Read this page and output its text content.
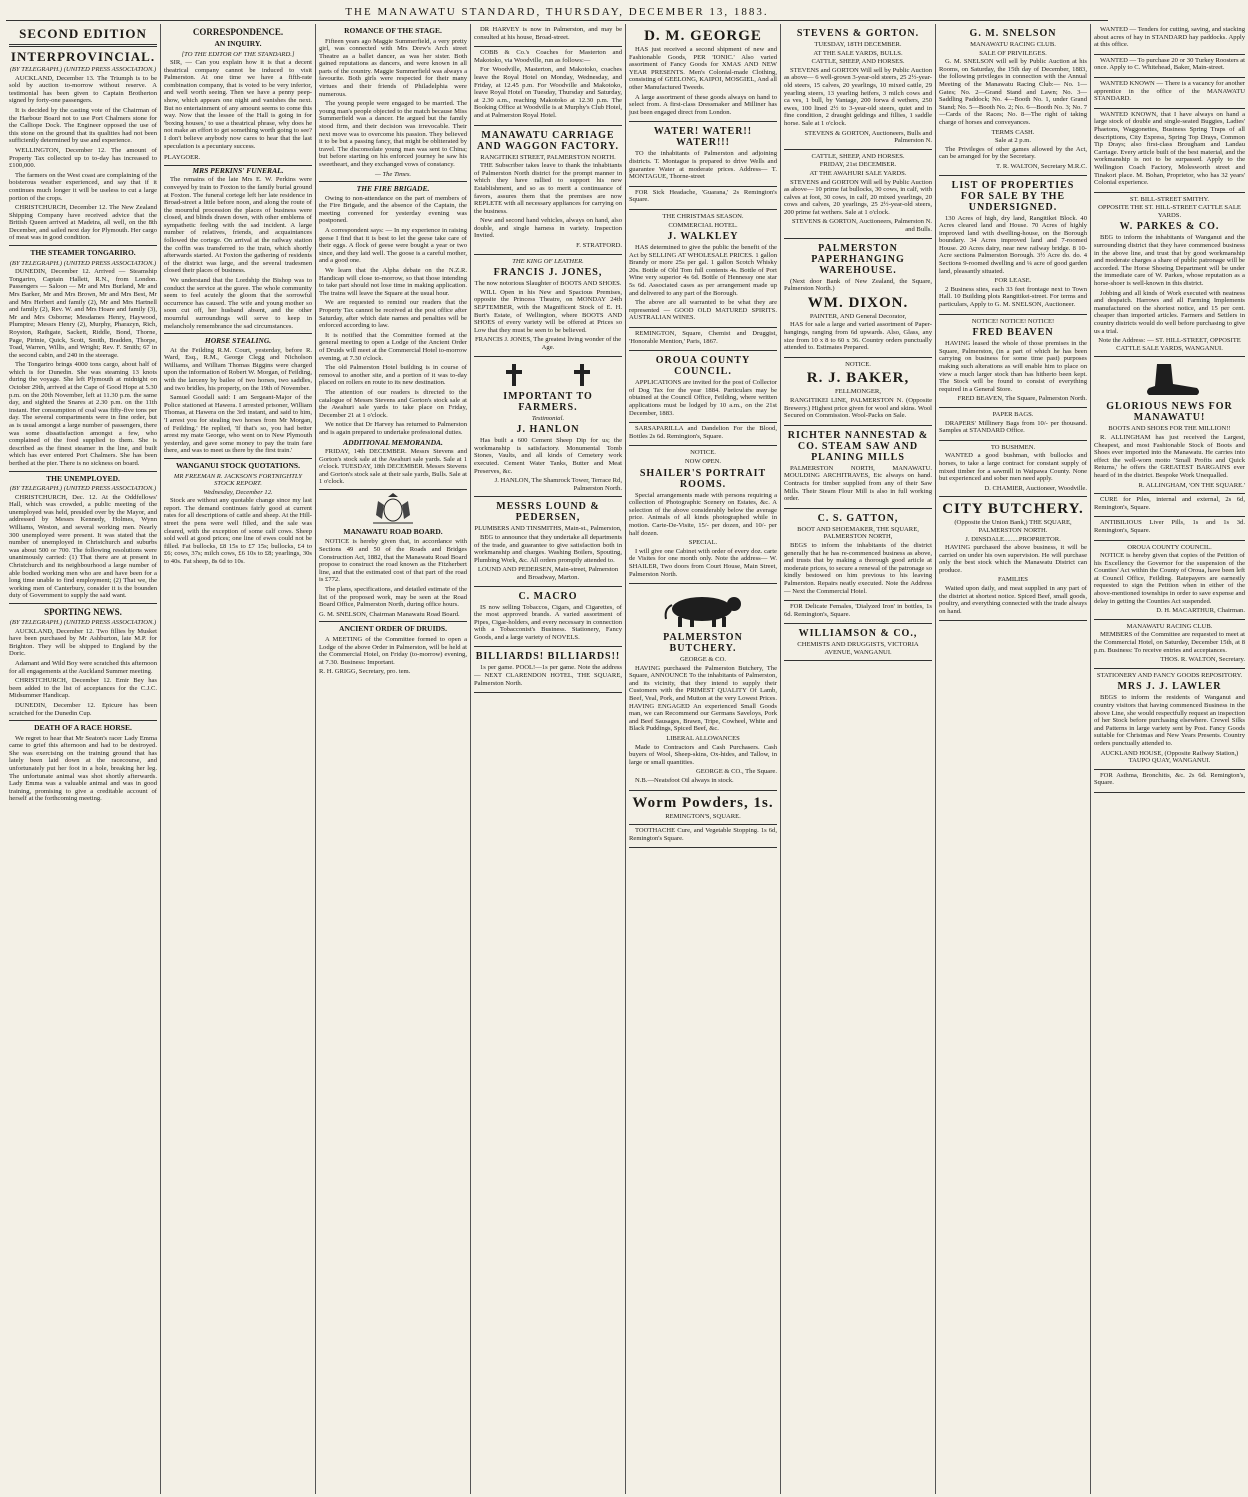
THE MANAWATU STANDARD, THURSDAY, DECEMBER 13, 1883.
SECOND EDITION
INTERPROVINCIAL.
(BY TELEGRAPH.) (UNITED PRESS ASSOCIATION.)

AUCKLAND, December 13. The Triumph is to be sold by auction to-morrow without reserve. A testimonial has been given to Captain Brotherton signed by forty-one passengers.

It is decided by the casting vote of the Chairman of the Harbour Board not to use Port Chalmers stone for the Calliope Dock. The Engineer opposed the use of this stone on the ground that its qualities had not been sufficiently determined by use and experience.

WELLINGTON, December 12. The amount of Property Tax collected up to to-day has increased to £100,000.

The farmers on the West coast are complaining of the boisterous weather experienced, and say that if it continues much longer it will be useless to cut a large portion of the crops.

CHRISTCHURCH, December 12. The New Zealand Shipping Company have received advice that the British Queen arrived at Madeira, all well, on the 8th December, and sailed next day for Plymouth. Her cargo of meat was in good condition.

THE STEAMER TONGARIRO.
(BY TELEGRAPH.) (UNITED PRESS ASSOCIATION.)

DUNEDIN, December 12. Arrived — Steamship Tongariro, Captain Hallett, R.N., from London. Passengers — Saloon — Mr and Mrs Burland, Mr and Mrs Barker, Mr and Mrs Brown, Mr and Mrs Best, Mr and Mrs Herbert and family (2), Mr and Mrs Hartnell and family (2), Rev. W. and Mrs Hoare and family (3), Mr and Mrs Osborne; Mesdames Henry, Haywood, Plumptre; Messrs Henry (2), Murphy, Pharazyn, Rich, Royston, Rathgate, Sackett, Riddle, Bond, Thorne, Page, Pirinie, Quick, Scott, Smith, Bradden, Thorpe, Toad, Warren, Willis, and Wright; Rev. F. Smith; 67 in the second cabin, and 240 in the steerage.

The Tongariro brings 4000 tons cargo, about half of which is for Dunedin. She was steaming 13 knots during the voyage. She left Plymouth at midnight on October 29th, arrived at the Cape of Good Hope at 5.30 p.m. on the 20th November, left at 11.30 p.m. the same day, and sighted the Snares at 2.30 p.m. on the 11th instant. Her consumption of coal was fifty-five tons per day. The several compartments were in fine order, but as is usual amongst a large number of passengers, there was some dissatisfaction amongst a few, who complained of the food supplied to them. She is described as the finest steamer in the line, and built which has ever entered Port Chalmers. She has been berthed at the pier. There is no sickness on board.

THE UNEMPLOYED.
(BY TELEGRAPH.) (UNITED PRESS ASSOCIATION.)

CHRISTCHURCH, Dec. 12. At the Oddfellows' Hall, which was crowded, a public meeting of the unemployed was held, presided over by the Mayor, and addressed by Messrs Kennedy, Holmes, Wynn Williams, Weston, and several working men. Nearly 300 unemployed were present. It was stated that the number of unemployed in Christchurch and suburbs was about 500 or 700. The following resolutions were unanimously carried: (1) That there are at present in Christchurch and its neighbourhood a large number of able bodied working men who are and have been for a long time unable to find employment; (2) That we, the working men of Canterbury, consider it is the bounden duty of Government to supply the said want.

SPORTING NEWS.
(BY TELEGRAPH.) (UNITED PRESS ASSOCIATION.)

AUCKLAND, December 12. Two fillies by Musket have been purchased by Mr Ashburton, late M.P. for Brighton. They will be shipped to England by the Doric.

Adamant and Wild Boy were scratched this afternoon for all engagements at the Auckland Summer meeting.

CHRISTCHURCH, December 12. Emir Bey has been added to the list of acceptances for the C.J.C. Midsummer Handicap.

DUNEDIN, December 12. Epicure has been scratched for the Dunedin Cup.

DEATH OF A RACE HORSE.

We regret to hear that Mr Seaton's racer Lady Emma came to grief this afternoon and had to be destroyed. She was exercising on the training ground that has lately been laid down at the racecourse, and unfortunately put her foot in a hole, breaking her leg. The unfortunate animal was shot shortly afterwards. Lady Emma was a valuable animal and was in good training, promising to give a creditable account of herself at the forthcoming meeting.

CORRESPONDENCE.
AN INQUIRY.
[TO THE EDITOR OF THE STANDARD.]

SIR, — Can you explain how it is that a decent theatrical company cannot be induced to visit Palmerston. At one time we have a fifth-rate combination company, that is voted to be very inferior, and well worth seeing. Then we have a penny peep-show, which appears one night and vanishes the next. But no entertainment of any amount seems to come this way. Now that the lessee of the Hall is going in for 'boxing houses,' to use a theatrical phrase, why does he not make an effort to get something worth going to see? I don't believe anybody now cares to hear that the last speculation is a pecuniary success.

PLAYGOER.
MRS PERKINS' FUNERAL.

The remains of the late Mrs E. W. Perkins were conveyed by train to Foxton to the family burial ground at Foxton. The funeral cortege left her late residence in Broad-street a little before noon, and along the route of the mournful procession the places of business were closed, and blinds drawn down, with other emblems of sympathetic feeling with the sad incident. A large number of relatives, friends, and acquaintances followed the cortege. On arrival at the railway station the coffin was transferred to the train, which shortly afterwards started. At Foxton the gathering of residents of the district was large, and the several tradesmen closed their places of business.

We understand that the Lordship the Bishop was to conduct the service at the grave. The whole community seem to feel acutely the gloom that the sorrowful occurrence has caused. The wife and young mother so soon cut off, her husband absent, and the other mournful surroundings will serve to keep in melancholy remembrance the sad circumstances.

HORSE STEALING.

At the Feilding R.M. Court, yesterday, before R. Ward, Esq., R.M., George Clegg and Nicholson Williams, and William Thomas Biggins were charged upon the information of Robert W. Morgan, of Feilding, with the larceny by bailee of two horses, two saddles, and two bridles, his property, on the 19th of November.

Samuel Goodall said: I am Sergeant-Major of the Police stationed at Hawera. I arrested prisoner, William Thomas, at Hawera on the 3rd instant, and said to him, 'I arrest you for stealing two horses from Mr Morgan, of Feilding.' He replied, 'If that's so, you had better arrest my mate George, who went on to New Plymouth yesterday, and gave some money to pay the train fare there, and was to meet us there by the first train.'

WANGANUI STOCK QUOTATIONS.
MR FREEMAN R. JACKSON'S FORTNIGHTLY STOCK REPORT.
Wednesday, December 12.

Stock are without any quotable change since my last report. The demand continues fairly good at current rates for all descriptions of cattle and sheep. At the Hill-street the pens were well filled, and the sale was cleared, with the exception of some calf cows. Sheep sold well at good prices; one line of ewes could not be filled. Fat bullocks, £8 15s to £7 15s; bullocks, £4 to £6; cows, 37s; milch cows, £6 10s to £8; yearlings, 30s to 40s. Fat sheep, 8s 6d to 10s.

ROMANCE OF THE STAGE.

Fifteen years ago Maggie Summerfield, a very pretty girl, was connected with Mrs Drew's Arch street Theatre as a ballet dancer, as was her sister. Both gained reputations as dancers, and were known in all parts of the country. Maggie Summerfield was always a favourite. Both girls were respected for their many virtues and their friends of Philadelphia were numerous.

The young people were engaged to be married. The young man's people objected to the match because Miss Summerfield was a dancer. He argued but the family stood firm, and their decision was irrevocable. Their next move was to overcome his passion. They believed it to be but a passing fancy, that might be obliterated by travel. The disconsolate young man was sent to China; but before starting on his enforced journey he saw his sweetheart, and they exchanged vows of constancy.

— The Times.
THE FIRE BRIGADE.

Owing to non-attendance on the part of members of the Fire Brigade, and the absence of the Captain, the meeting convened for yesterday evening was postponed.

A correspondent says: — In my experience in raising geese I find that it is best to let the geese take care of their eggs. A flock of geese were bought a year or two since, and they laid well. The goose is a careful mother, and a good one.

We learn that the Alpha debate on the N.Z.R. Handicap will close to-morrow, so that those intending to take part should not lose time in making application. The trains will leave the Square at the usual hour.

We are requested to remind our readers that the Property Tax cannot be received at the post office after Saturday, after which date names and penalties will be enforced according to law.

It is notified that the Committee formed at the general meeting to open a Lodge of the Ancient Order of Druids will meet at the Commercial Hotel to-morrow evening, at 7.30 o'clock.

The old Palmerston Hotel building is in course of removal to another site, and a portion of it was to-day placed on rollers en route to its new destination.

The attention of our readers is directed to the catalogue of Messrs Stevens and Gorton's stock sale at the Awahuri sale yards to take place on Friday, December 21 at 1 o'clock.

We notice that Dr Harvey has returned to Palmerston and is again prepared to undertake professional duties.

ADDITIONAL MEMORANDA.

FRIDAY, 14th DECEMBER. Messrs Stevens and Gorton's stock sale at the Awahuri sale yards. Sale at 1 o'clock. TUESDAY, 18th DECEMBER. Messrs Stevens and Gorton's stock sale at their sale yards, Bulls. Sale at 1 o'clock.

MANAWATU ROAD BOARD.

NOTICE is hereby given that, in accordance with Sections 49 and 50 of the Roads and Bridges Construction Act, 1882, that the Manawatu Road Board propose to construct the road known as the Fitzherbert line, and that the estimated cost of that part of the road is £772.

The plans, specifications, and detailed estimate of the list of the proposed work, may be seen at the Road Board Office, Palmerston North, during office hours.

G. M. SNELSON, Chairman Manawatu Road Board.
ANCIENT ORDER OF DRUIDS.

A MEETING of the Committee formed to open a Lodge of the above Order in Palmerston, will be held at the Commercial Hotel, on Friday (to-morrow) evening, at 7.30. Business: Important.

R. H. GRIGG, Secretary, pro. tem.

DR HARVEY is now in Palmerston, and may be consulted at his house, Broad-street.

COBB & Co.'s Coaches for Masterton and Makotoko, via Woodville, run as follows:—

For Woodville, Masterton, and Makotoko, coaches leave the Royal Hotel on Monday, Wednesday, and Friday, at 12.45 p.m. For Woodville and Makotoko, leave Royal Hotel on Tuesday, Thursday and Saturday, at 2.30 a.m., reaching Makotoko at 12.30 p.m. The Booking Office at Woodville is at Murphy's Club Hotel, and at Palmerston Royal Hotel.

MANAWATU CARRIAGE AND WAGGON FACTORY.
RANGITIKEI STREET, PALMERSTON NORTH.

THE Subscriber takes leave to thank the inhabitants of Palmerston North district for the prompt manner in which they have rallied to support his new Establishment, and so as to merit a continuance of favors, assures them that the premises are now REPLETE with all necessary appliances for carrying on the business.

New and second hand vehicles, always on hand, also double, and single harness in variety. Inspection Invited.

F. STRATFORD.
THE KING OF LEATHER.
FRANCIS J. JONES,
The now notorious Slaughter of BOOTS AND SHOES.

WILL Open in his New and Spacious Premises, opposite the Princess Theatre, on MONDAY 24th SEPTEMBER, with the Magnificent Stock of E. H. Burt's Estate, of Wellington, where BOOTS AND SHOES of every variety will be offered at Prices so Low that they must be seen to be believed.

FRANCIS J. JONES, The greatest living wonder of the Age.
IMPORTANT TO FARMERS.
Testimonial.
J. HANLON

Has built a 600 Cement Sheep Dip for us; the workmanship is satisfactory. Monumental Tomb Stones, Vaults, and all kinds of Cemetery work executed. Cement Water Tanks, Butter and Meat Preserves, &c.

J. HANLON, The Shamrock Tower, Terrace Rd, Palmerston North.
MESSRS LOUND & PEDERSEN,
PLUMBERS AND TINSMITHS, Main-st., Palmerston,

BEG to announce that they undertake all departments of the trade, and guarantee to give satisfaction both in workmanship and charges. Washing Boilers, Spouting, Plumbing Work, &c. All orders promptly attended to.

LOUND AND PEDERSEN, Main-street, Palmerston and Broadway, Marton.
C. MACRO

IS now selling Tobaccos, Cigars, and Cigarettes, of the most approved brands. A varied assortment of Pipes, Cigar-holders, and every necessary in connection with a Tobacconist's Business. Stationery, Fancy Goods, and a large variety of NOVELS.

BILLIARDS! BILLIARDS!!

1s per game. POOL!—1s per game. Note the address— NEXT CLARENDON HOTEL, THE SQUARE, Palmerston North.

D. M. GEORGE

HAS just received a second shipment of new and Fashionable Goods, PER 'IONIC.' Also varied assortment of Fancy Goods for XMAS AND NEW YEAR PRESENTS. Men's Colonial-made Clothing, consisting of GEELONG, KAIPOI, MOSGIEL, And all other Manufactured Tweeds.

A large assortment of these goods always on hand to select from. A first-class Dressmaker and Milliner has just been engaged direct from London.

WATER! WATER!! WATER!!!

TO the inhabitants of Palmerston and adjoining districts. T. Montague is prepared to drive Wells and guarantee Water at moderate prices. Address— T. MONTAGUE, Thorne-street

FOR Sick Headache, 'Guarana,' 2s Remington's Square.

THE CHRISTMAS SEASON.
COMMERCIAL HOTEL.
J. WALKLEY

HAS determined to give the public the benefit of the Act by SELLING AT WHOLESALE PRICES. 1 gallon Brandy or more 25s per gal. 1 gallon Scotch Whisky 20s. Bottle of Old Tom full contents 4s. Bottle of Port Wine very superior 4s 6d. Bottle of Hennessy one star 5s 6d. Associated cases as per arrangement made up and delivered to any part of the Borough.

The above are all warranted to be what they are represented — GOOD OLD MATURED SPIRITS. AUSTRALIAN WINES.

REMINGTON, Square, Chemist and Druggist, 'Honorable Mention,' Paris, 1867.

OROUA COUNTY COUNCIL.

APPLICATIONS are invited for the post of Collector of Dog Tax for the year 1884. Particulars may be obtained at the Council Office, Feilding, where written applications must be lodged by 10 a.m., on the 21st December, 1883.

SARSAPARILLA and Dandelion For the Blood, Bottles 2s 6d. Remington's, Square.

NOTICE.
NOW OPEN.
SHAILER'S PORTRAIT ROOMS.

Special arrangements made with persons requiring a collection of Photographic Scenery on Estates, &c. A selection of the above considerably below the average price. Animals of all kinds photographed while in motion. Carte-De-Visite, 15/- per dozen, and 10/- per half dozen.

SPECIAL.

I will give one Cabinet with order of every doz. carte de Visites for one month only. Note the address— W. SHAILER, Two doors from Court House, Main Street, Palmerston North.

PALMERSTON BUTCHERY.
GEORGE & CO.

HAVING purchased the Palmerston Butchery, The Square, ANNOUNCE To the inhabitants of Palmerston, and its vicinity, that they intend to supply their Customers with the PRIMEST QUALITY Of Lamb, Beef, Veal, Pork, and Mutton at the very Lowest Prices. HAVING ENGAGED An experienced Small Goods man, we can Recommend our Germans Saveloys, Pork and Beef Sausages, Brawn, Tripe, Cowheel, White and Black Puddings, Spiced Beef, &c.

LIBERAL ALLOWANCES

Made to Contractors and Cash Purchasers. Cash buyers of Wool, Sheep-skins, Ox-hides, and Tallow, in large or small quantities.

GEORGE & CO., The Square.

N.B.—Neatsfoot Oil always in stock.

Worm Powders, 1s.
REMINGTON'S, SQUARE.

TOOTHACHE Cure, and Vegetable Stopping. 1s 6d, Remington's Square.

STEVENS & GORTON.
TUESDAY, 18TH DECEMBER.
AT THE SALE YARDS, BULLS.
CATTLE, SHEEP, AND HORSES.

STEVENS and GORTON Will sell by Public Auction as above— 6 well-grown 3-year-old steers, 25 2½-year-old steers, 15 calves, 20 yearlings, 10 mixed cattle, 29 yearling steers, 13 yearling heifers, 3 milch cows and ca ves, 1 bull, by Vantage, 200 forwa d wethers, 250 ewes, 100 lined 2½ to 3-year-old steers, quiet and in fine condition, 2 draught geldings and fillies, 1 saddle horse. Sale at 1 o'clock.

STEVENS & GORTON, Auctioneers, Bulls and Palmerston N.
CATTLE, SHEEP, AND HORSES.
FRIDAY, 21st DECEMBER.
AT THE AWAHURI SALE YARDS.

STEVENS and GORTON Will sell by Public Auction as above— 10 prime fat bullocks, 30 cows, in calf, with calves at foot, 30 cows, in calf, 20 mixed yearlings, 20 cows and calves, 20 yearlings, 25 2½-year-old steers, 200 prime fat wethers. Sale at 1 o'clock.

STEVENS & GORTON, Auctioneers, Palmerston N. and Bulls.
PALMERSTON PAPERHANGING WAREHOUSE.

(Next door Bank of New Zealand, the Square, Palmerston North.)

WM. DIXON.
PAINTER, AND General Decorator,

HAS for sale a large and varied assortment of Paper-hangings, ranging from 6d upwards. Also, Glass, any size from 10 x 8 to 60 x 36. Country orders punctually attended to. Estimates Prepared.

NOTICE.
R. J. BAKER,
FELLMONGER,

RANGITIKEI LINE, PALMERSTON N. (Opposite Brewery.) Highest price given for wool and skins. Wool Secured on Commission. Wool-Packs on Sale.

RICHTER NANNESTAD & CO. STEAM SAW AND PLANING MILLS

PALMERSTON NORTH, MANAWATU. MOULDING ARCHITRAVES, Etc always on hand. Contracts for timber supplied from any of their Saw Mills. Their Steam Flour Mill is also in full working order.

C. S. GATTON,
BOOT AND SHOEMAKER, THE SQUARE, PALMERSTON NORTH,

BEGS to inform the inhabitants of the district generally that he has re-commenced business as above, and trusts that by making a thorough good article at moderate prices, to secure a renewal of the patronage so kindly bestowed on him previous to his leaving Palmerston. Repairs neatly executed. Note the Address— Next the Commercial Hotel.

FOR Delicate Females, 'Dialyzed Iron' in bottles, 1s 6d. Remington's, Square.

WILLIAMSON & CO.,
CHEMISTS AND DRUGGISTS, VICTORIA AVENUE, WANGANUI.
G. M. SNELSON
MANAWATU RACING CLUB.
SALE OF PRIVILEGES.

G. M. SNELSON will sell by Public Auction at his Rooms, on Saturday, the 15th day of December, 1883, the following privileges in connection with the Annual Meeting of the Manawatu Racing Club:— No. 1—Gates; No. 2—Grand Stand and Lawn; No. 3—Saddling Paddock; No. 4—Booth No. 1, under Grand Stand; No. 5—Booth No. 2; No. 6—Booth No. 3; No. 7—Cards of the Races; No. 8—The right of taking charge of horses and conveyances.

TERMS CASH.
Sale at 2 p.m.

The Privileges of other games allowed by the Act, can be arranged for by the Secretary.

T. R. WALTON, Secretary M.R.C.
LIST OF PROPERTIES FOR SALE BY THE UNDERSIGNED.

130 Acres of high, dry land, Rangitikei Block. 40 Acres cleared land and House. 70 Acres of highly improved land with dwelling-house, on the Borough boundary. 34 Acres improved land and 7-roomed House. 20 Acres dairy, near new railway bridge. 8 10-Acre sections Palmerston Borough. 3½ Acre do. do. 4 Sections 9-roomed dwelling and ¼ acre of good garden land, pleasantly situated.

FOR LEASE.

2 Business sites, each 33 feet frontage next to Town Hall. 10 Building plots Rangitikei-street. For terms and particulars, Apply to G. M. SNELSON, Auctioneer.

NOTICE! NOTICE! NOTICE!
FRED BEAVEN

HAVING leased the whole of those premises in the Square, Palmerston, (in a part of which he has been carrying on business for some time past) purposes making such alterations as will enable him to place on view a much larger stock than has hitherto been kept. The Stock will be found to consist of everything required in a General Store.

FRED BEAVEN, The Square, Palmerston North.
PAPER BAGS.

DRAPERS' Millinery Bags from 10/- per thousand. Samples at STANDARD Office.

TO BUSHMEN.

WANTED a good bushman, with bullocks and horses, to take a large contract for constant supply of mixed timber for a sawmill in Waipawa County. None but experienced and sober men need apply.

D. CHAMIER, Auctioneer, Woodville.
CITY BUTCHERY.
(Opposite the Union Bank,) THE SQUARE, PALMERSTON NORTH.
J. DINSDALE.........PROPRIETOR.

HAVING purchased the above business, it will be carried on under his own supervision. He will purchase only the best stock which the Manawatu District can produce.

FAMILIES

Waited upon daily, and meat supplied in any part of the district at shortest notice. Spiced Beef, small goods, poultry, and everything connected with the trade always on hand.

WANTED — Tenders for cutting, saving, and stacking about acres of hay in STANDARD hay paddocks. Apply at this office.

WANTED — To purchase 20 or 30 Turkey Roosters at once. Apply to C. Whitehead, Baker, Main-street.

WANTED KNOWN — There is a vacancy for another apprentice in the office of the MANAWATU STANDARD.

WANTED KNOWN, that I have always on hand a large stock of double and single-seated Buggies, Ladies' Phaetons, Waggonettes, Business Spring Traps of all descriptions, City Express, Spring Top Drays, Common Tip Drays; also first-class Brougham and Landau Carriage. Every article built of the best material, and the workmanship is not to be surpassed. Apply to the Wellington Coach Factory, Molesworth street and Tinakori place. M. Bohan, Proprietor, who has 32 years' Colonial experience.

ST. BILL-STREET SMITHY.
OPPOSITE THE ST. HILL-STREET CATTLE SALE YARDS.
W. PARKES & CO.

BEG to inform the inhabitants of Wanganui and the surrounding district that they have commenced business in the above line, and trust that by good workmanship and moderate charges a share of public patronage will be accorded. The Horse Shoeing Department will be under the immediate care of W. Parkes, whose reputation as a horse-shoer is well-known in this district.

Jobbing and all kinds of Work executed with neatness and despatch. Harrows and all Farming Implements manufactured on the shortest notice, and 15 per cent. cheaper than imported articles. Farmers and Settlers in country districts would do well before purchasing to give us a trial.

Note the Address: — ST. HILL-STREET, OPPOSITE CATTLE SALE YARDS, WANGANUI.
GLORIOUS NEWS FOR MANAWATU!
BOOTS AND SHOES FOR THE MILLION!!

R. ALLINGHAM has just received the Largest, Cheapest, and most Fashionable Stock of Boots and Shoes ever imported into the Manawatu. He carries into effect the well-worn motto 'Small Profits and Quick Returns,' he offers the GREATEST BARGAINS ever heard of in the district. Bespoke Work Unequalled.

R. ALLINGHAM, 'ON THE SQUARE.'

CURE for Piles, internal and external, 2s 6d, Remington's, Square.

ANTIBILIOUS Liver Pills, 1s and 1s 3d. Remington's, Square.

OROUA COUNTY COUNCIL.

NOTICE is hereby given that copies of the Petition of his Excellency the Governor for the suspension of the Counties' Act within the County of Oroua, have been left at Council Office, Feilding. Ratepayers are earnestly requested to sign the Petition when in either of the above-mentioned townships in order to save expense and delay in getting the Counties Act suspended.

D. H. MACARTHUR, Chairman.
MANAWATU RACING CLUB.

MEMBERS of the Committee are requested to meet at the Commercial Hotel, on Saturday, December 15th, at 8 p.m. Business: To receive entries and acceptances.

THOS. R. WALTON, Secretary.
STATIONERY AND FANCY GOODS REPOSITORY.
MRS J. J. LAWLER

BEGS to inform the residents of Wanganui and country visitors that having commenced Business in the above Line, she would respectfully request an inspection of her Stock before purchasing elsewhere. Crewel Silks and Patterns in large variety sent by Post. Fancy Goods suitable for Christmas and New Years Presents. Country orders punctually attended to.

AUCKLAND HOUSE, (Opposite Railway Station,) TAUPO QUAY, WANGANUI.

FOR Asthma, Bronchitis, &c. 2s 6d. Remington's, Square.
